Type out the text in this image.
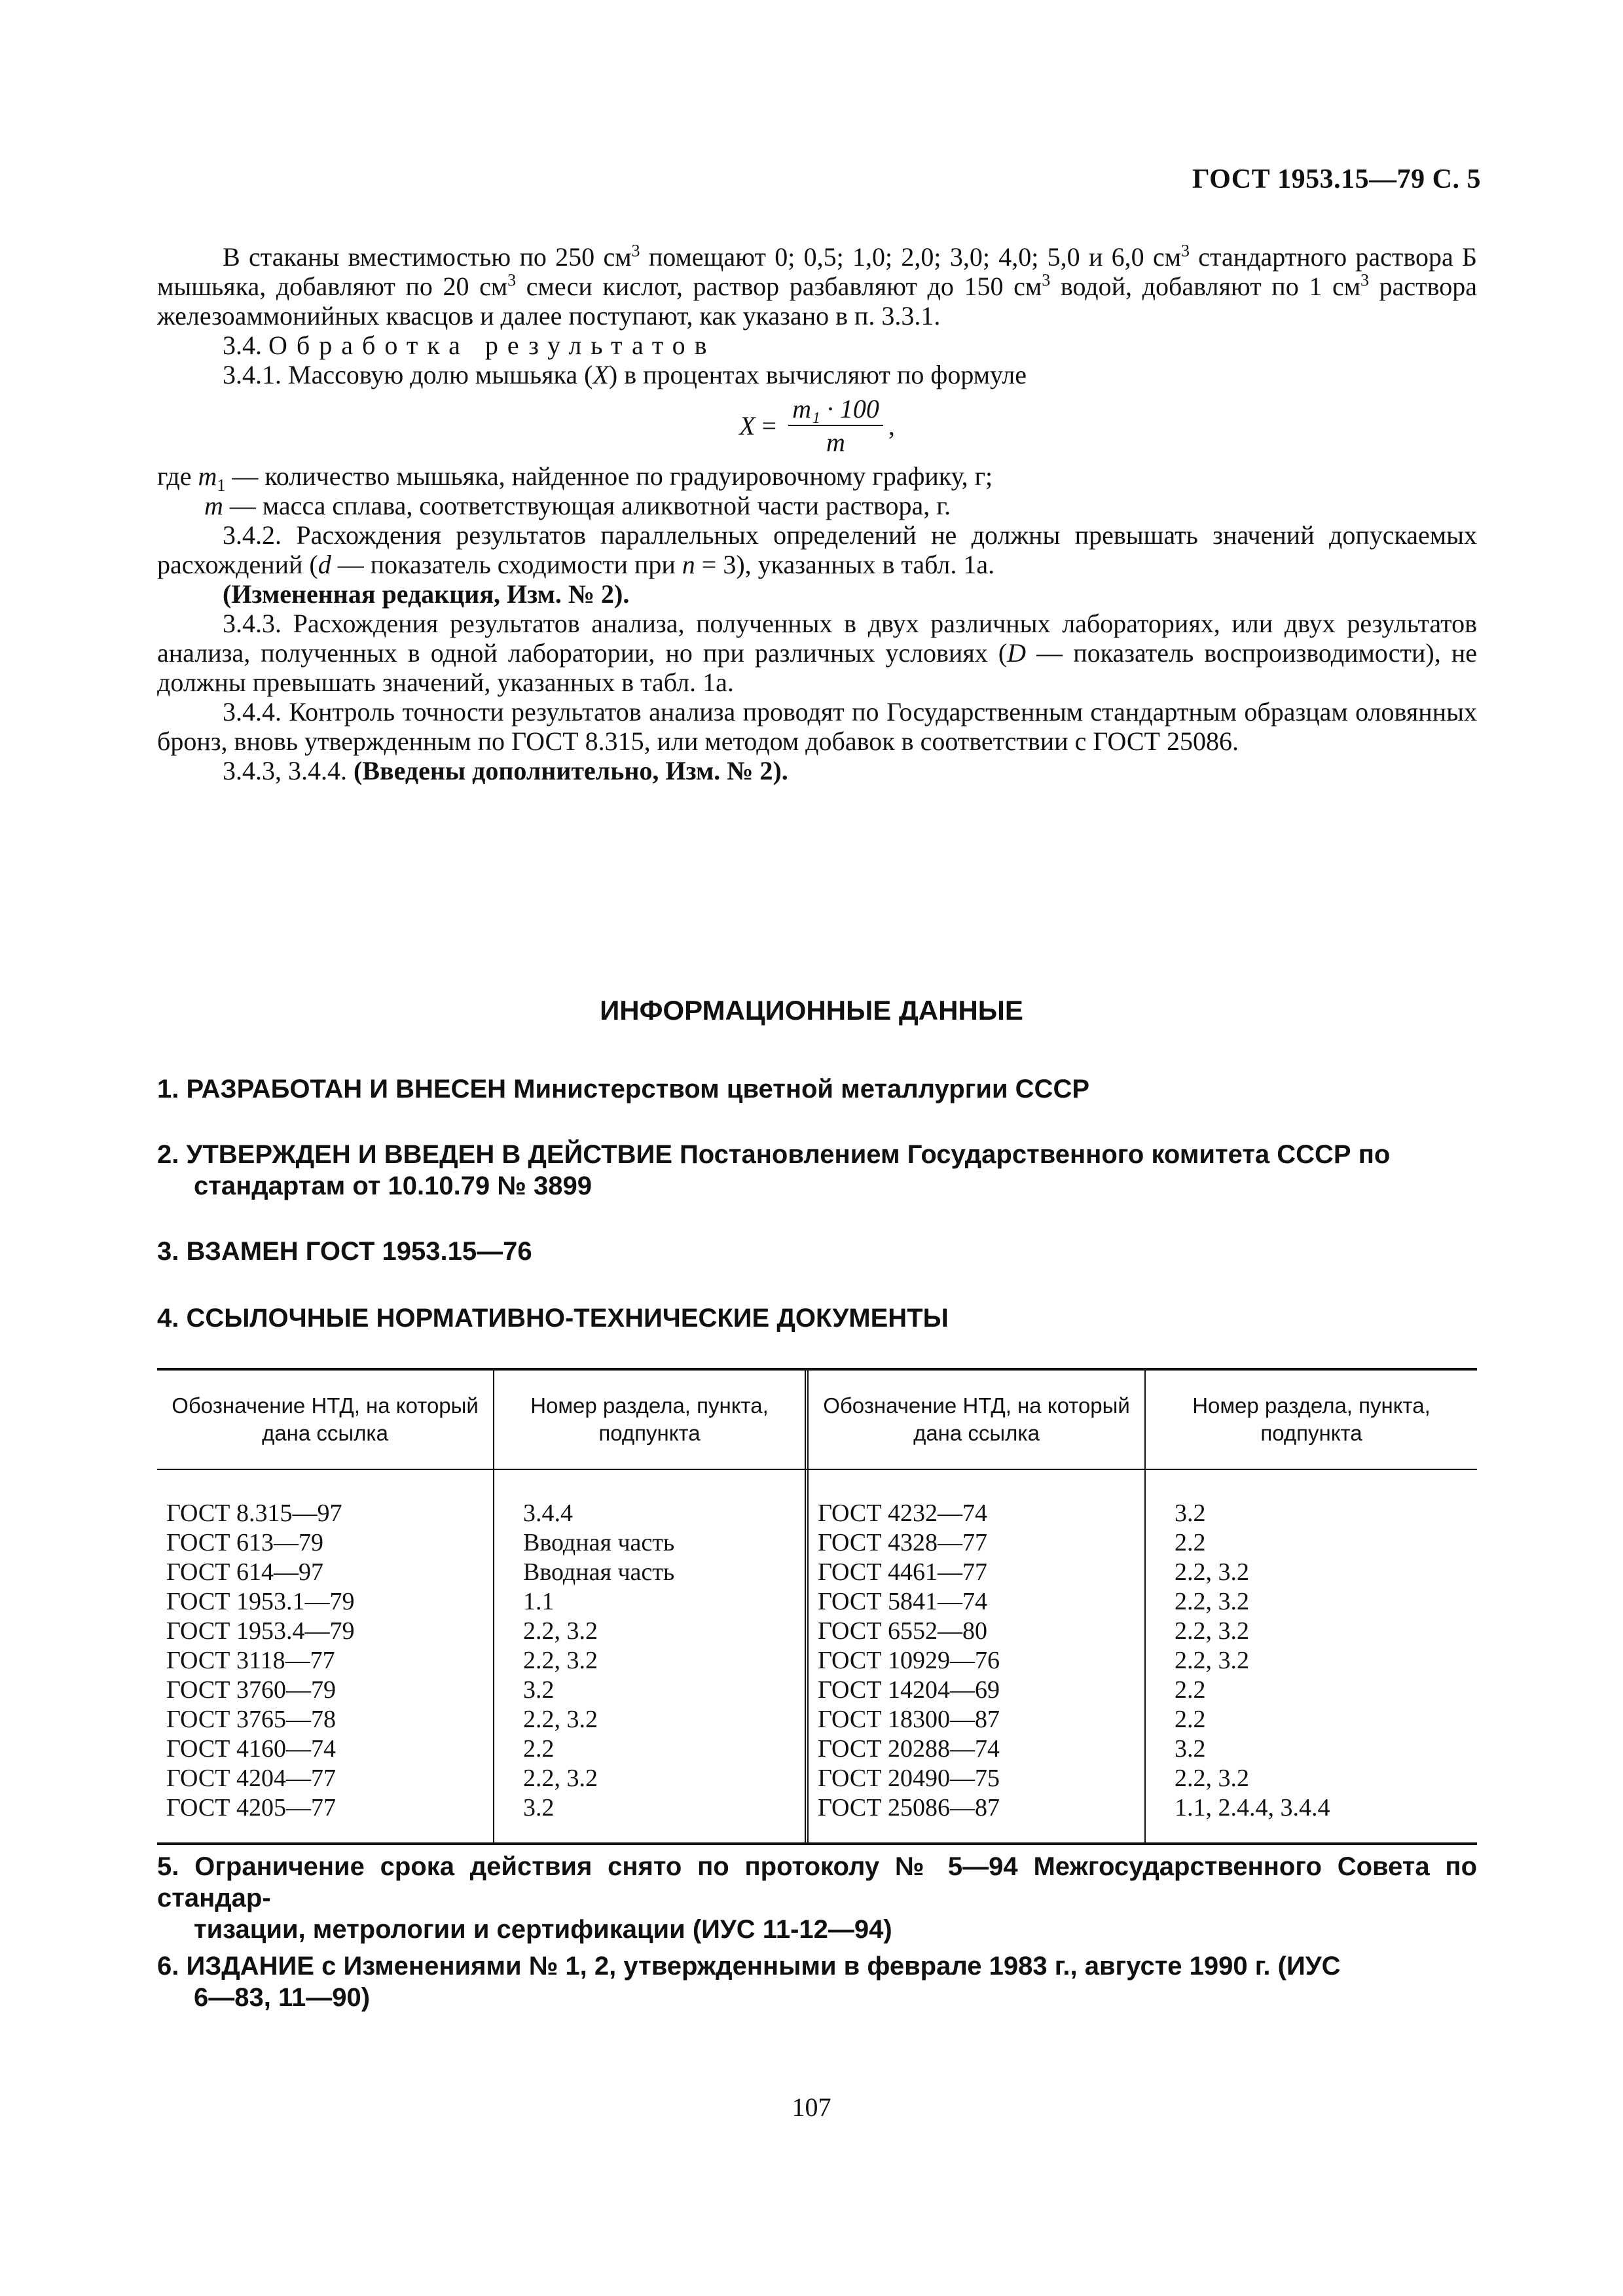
ГОСТ 1953.15—79 С. 5

В стаканы вместимостью по 250 $см^3$ помещают 0; 0,5; 1,0; 2,0; 3,0; 4,0; 5,0 и 6,0 $см^3$ стандартного раствора Б мышьяка, добавляют по 20 $см^3$ смеси кислот, раствор разбавляют до 150 $см^3$ водой, добавляют по 1 $см^3$ раствора железоаммонийных квасцов и далее поступают, как указано в п. 3.3.1.

3.4. Обработка результатов

3.4.1. Массовую долю мышьяка (X) в процентах вычисляют по формуле

$X = \frac{\text{m₁ · 100}}{m}$ ,

где $m_1$ — количество мышьяка, найденное по градуировочному графику, г;

m — масса сплава, соответствующая аликвотной части раствора, г.

3.4.2. Расхождения результатов параллельных определений не должны превышать значений допускаемых расхождений (d — показатель сходимости при n = 3), указанных в табл. 1а.

(Измененная редакция, Изм. № 2).

3.4.3. Расхождения результатов анализа, полученных в двух различных лабораториях, или двух результатов анализа, полученных в одной лаборатории, но при различных условиях (D — показатель воспроизводимости), не должны превышать значений, указанных в табл. 1а.

3.4.4. Контроль точности результатов анализа проводят по Государственным стандартным образцам оловянных бронз, вновь утвержденным по ГОСТ 8.315, или методом добавок в соответствии с ГОСТ 25086.

3.4.3, 3.4.4. (Введены дополнительно, Изм. № 2).

ИНФОРМАЦИОННЫЕ ДАННЫЕ
1. РАЗРАБОТАН И ВНЕСЕН Министерством цветной металлургии СССР
2. УТВЕРЖДЕН И ВВЕДЕН В ДЕЙСТВИЕ Постановлением Государственного комитета СССР по
стандартам от 10.10.79 № 3899
3. ВЗАМЕН ГОСТ 1953.15—76
4. ССЫЛОЧНЫЕ НОРМАТИВНО-ТЕХНИЧЕСКИЕ ДОКУМЕНТЫ
Обозначение НТД, на который дана ссылка
Номер раздела, пункта, подпункта
Обозначение НТД, на который дана ссылка
Номер раздела, пункта, подпункта
ГОСТ 8.315—97
ГОСТ 613—79
ГОСТ 614—97
ГОСТ 1953.1—79
ГОСТ 1953.4—79
ГОСТ 3118—77
ГОСТ 3760—79
ГОСТ 3765—78
ГОСТ 4160—74
ГОСТ 4204—77
ГОСТ 4205—77
3.4.4
Вводная часть
Вводная часть
1.1
2.2, 3.2
2.2, 3.2
3.2
2.2, 3.2
2.2
2.2, 3.2
3.2
ГОСТ 4232—74
ГОСТ 4328—77
ГОСТ 4461—77
ГОСТ 5841—74
ГОСТ 6552—80
ГОСТ 10929—76
ГОСТ 14204—69
ГОСТ 18300—87
ГОСТ 20288—74
ГОСТ 20490—75
ГОСТ 25086—87
3.2
2.2
2.2, 3.2
2.2, 3.2
2.2, 3.2
2.2, 3.2
2.2
2.2
3.2
2.2, 3.2
1.1, 2.4.4, 3.4.4
5. Ограничение срока действия снято по протоколу № 5—94 Межгосударственного Совета по стандар-
тизации, метрологии и сертификации (ИУС 11-12—94)
6. ИЗДАНИЕ с Изменениями № 1, 2, утвержденными в феврале 1983 г., августе 1990 г. (ИУС
6—83, 11—90)
107
